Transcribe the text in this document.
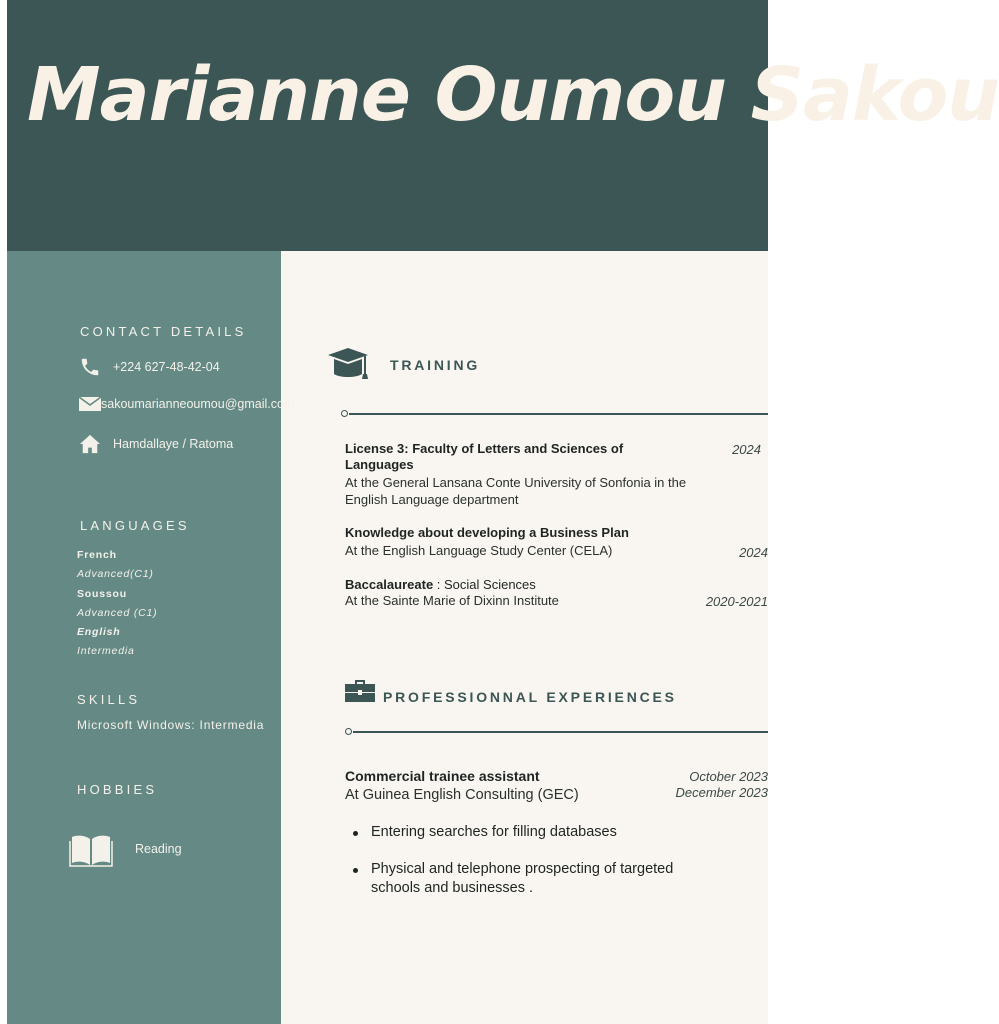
Marianne Oumou Sakou
CONTACT DETAILS
+224 627-48-42-04
sakoumarianneoumou@gmail.com
Hamdallaye / Ratoma
LANGUAGES
French
Advanced(C1)
Soussou
Advanced (C1)
English
Intermedia
SKILLS
Microsoft Windows: Intermedia
HOBBIES
Reading
TRAINING
License 3: Faculty of Letters and Sciences of Languages
At the General Lansana Conte University of Sonfonia in the English Language department
2024
Knowledge about developing a Business Plan
At the English Language Study Center (CELA)	2024
Baccalaureate : Social Sciences
At the Sainte Marie of Dixinn Institute	2020-2021
PROFESSIONNAL EXPERIENCES
Commercial trainee assistant
At Guinea English Consulting (GEC)
October 2023
December 2023
Entering searches for filling databases
Physical and telephone prospecting of targeted schools and businesses .
